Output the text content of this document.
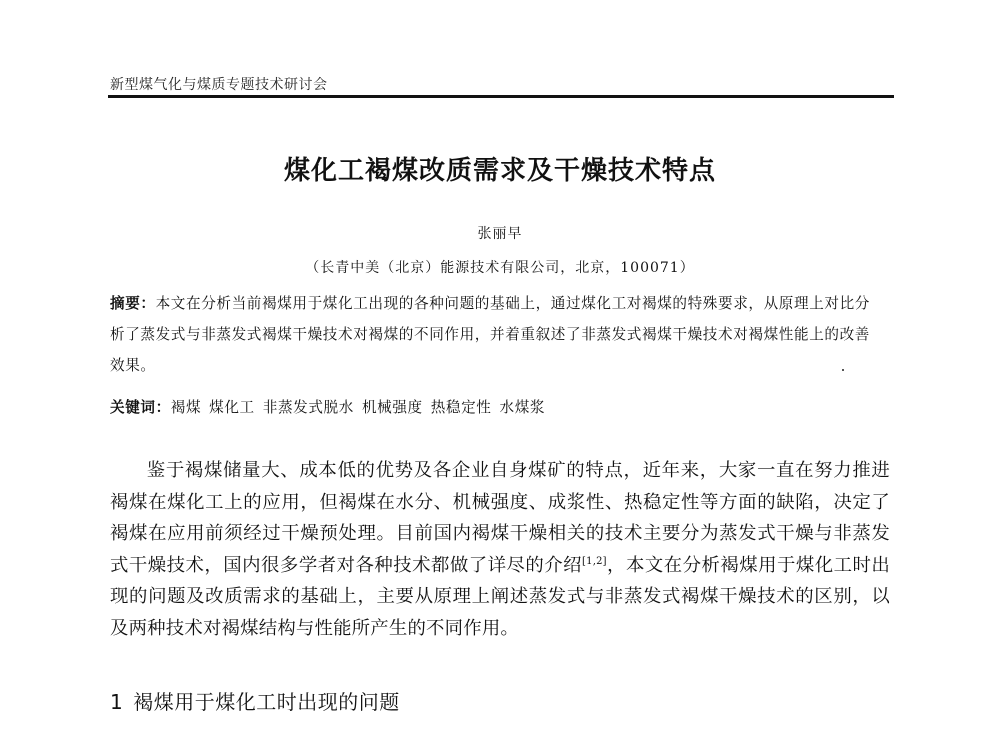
新型煤气化与煤质专题技术研讨会
煤化工褐煤改质需求及干燥技术特点
张丽早
（长青中美（北京）能源技术有限公司，北京，100071）
摘要：本文在分析当前褐煤用于煤化工出现的各种问题的基础上，通过煤化工对褐煤的特殊要求，从原理上对比分析了蒸发式与非蒸发式褐煤干燥技术对褐煤的不同作用，并着重叙述了非蒸发式褐煤干燥技术对褐煤性能上的改善效果。
关键词：褐煤 煤化工 非蒸发式脱水 机械强度 热稳定性 水煤浆

鉴于褐煤储量大、成本低的优势及各企业自身煤矿的特点，近年来，大家一直在努力推进褐煤在煤化工上的应用，但褐煤在水分、机械强度、成浆性、热稳定性等方面的缺陷，决定了褐煤在应用前须经过干燥预处理。目前国内褐煤干燥相关的技术主要分为蒸发式干燥与非蒸发式干燥技术，国内很多学者对各种技术都做了详尽的介绍[1,2]，本文在分析褐煤用于煤化工时出现的问题及改质需求的基础上，主要从原理上阐述蒸发式与非蒸发式褐煤干燥技术的区别，以及两种技术对褐煤结构与性能所产生的不同作用。

1 褐煤用于煤化工时出现的问题
